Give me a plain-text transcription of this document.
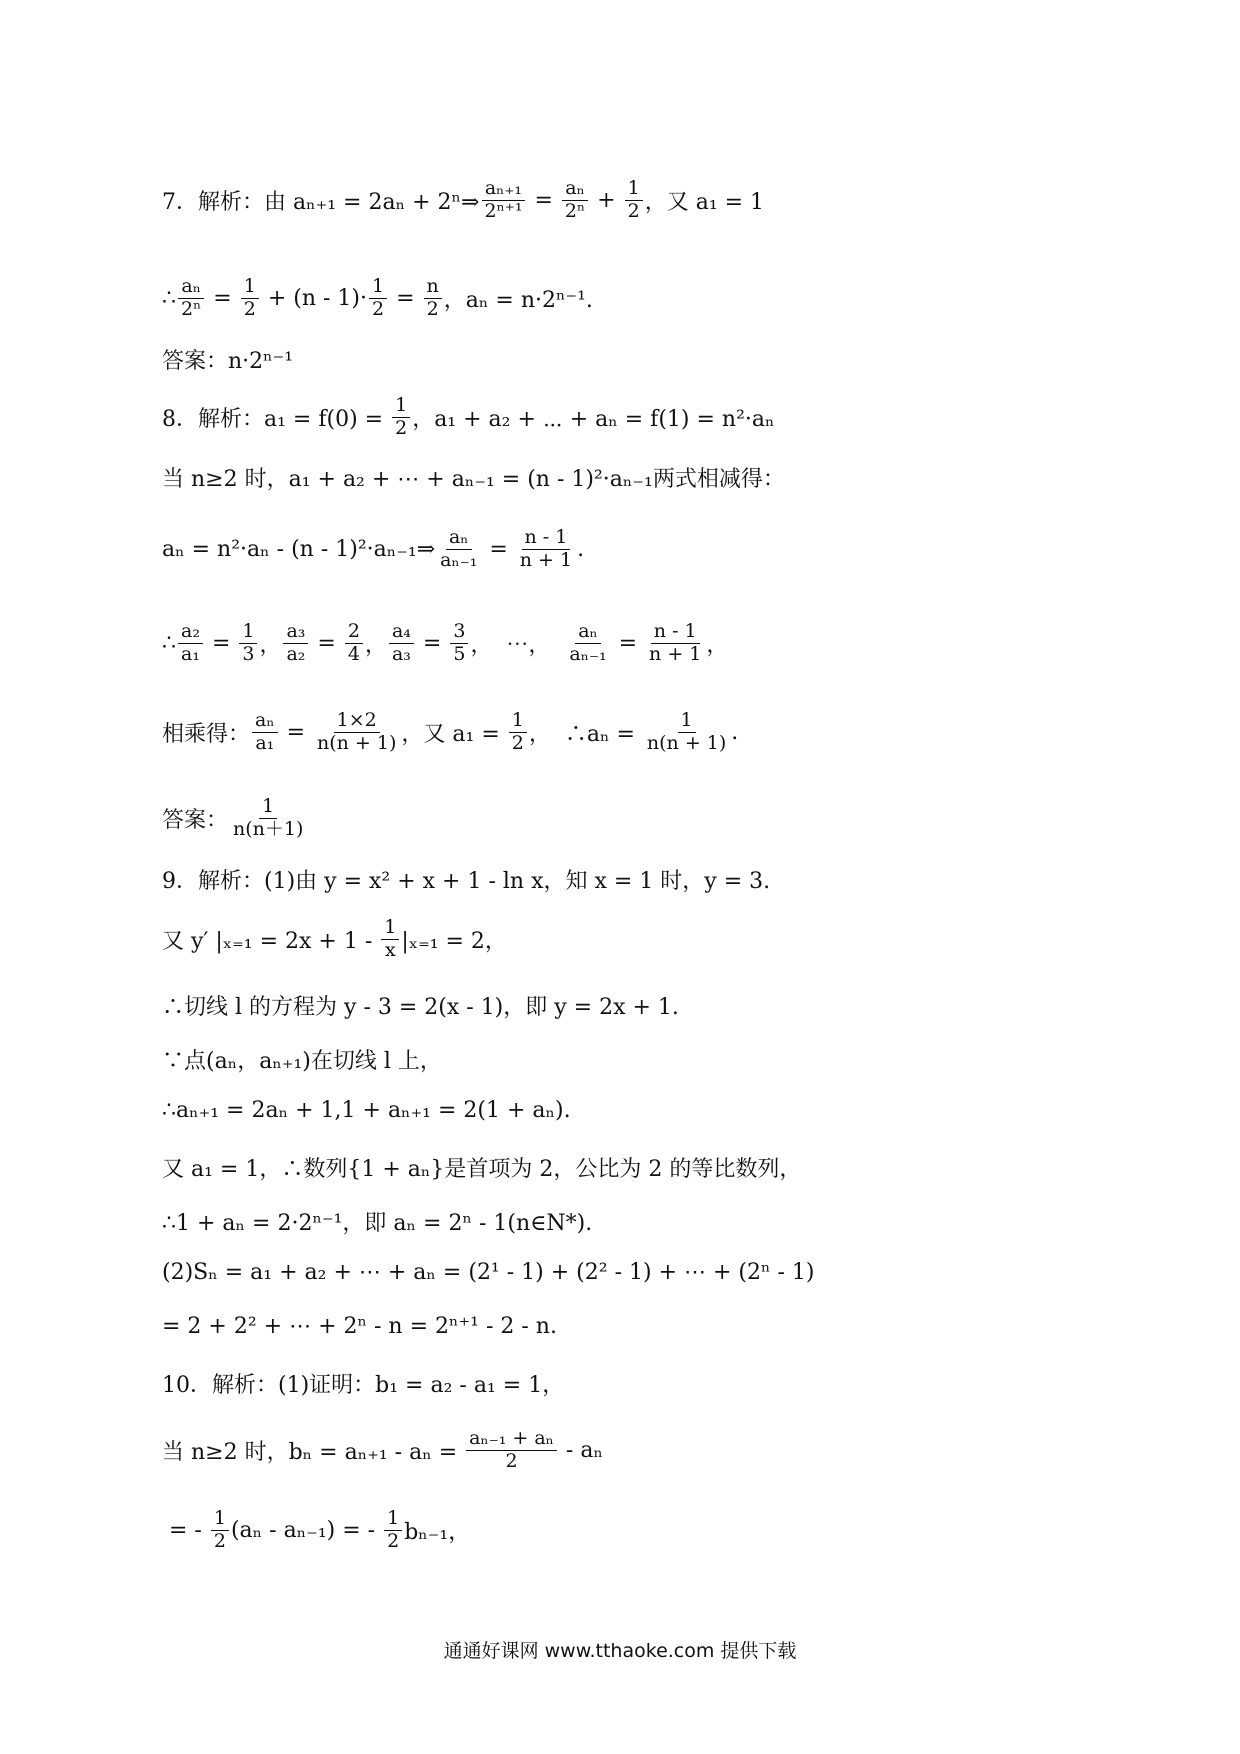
7．解析：由 aₙ₊₁ = 2aₙ + 2ⁿ⇒ $\frac{\text{aₙ₊₁}}{\text{2ⁿ⁺¹}} = \frac{\text{aₙ}}{\text{2ⁿ}} + \frac{1}{2}$ ，又 a₁ = 1
∴ $\frac{\text{aₙ}}{\text{2ⁿ}} = \frac{1}{2} + (n - 1)\cdot \frac{1}{2} = \frac{n}{2}$ ，aₙ = n·2ⁿ⁻¹.
答案：n·2ⁿ⁻¹
8．解析：$a_1 = f(0) = \frac{1}{2}$ ，a₁ + a₂ + ⋯ + aₙ = f(1) = n²·aₙ
当 n≥2 时，a₁ + a₂ + ⋯ + aₙ₋₁ = (n - 1)²·aₙ₋₁两式相减得：
aₙ = n²·aₙ - (n - 1)²·aₙ₋₁⇒ $\frac{\text{aₙ}}{\text{aₙ₋₁}} = \frac{n - 1}{n + 1}$ .
∴ $\frac{\text{a₂}}{\text{a₁}} = \frac{1}{3}$ ， $\frac{\text{a₃}}{\text{a₂}} = \frac{2}{4}$ ， $\frac{\text{a₄}}{\text{a₃}} = \frac{3}{5}$ ，  ⋯， $\frac{\text{aₙ}}{\text{aₙ₋₁}} = \frac{n - 1}{n + 1}$ ，
相乘得： $\frac{\text{aₙ}}{\text{a₁}} = \frac{1\times 2}{n(n + 1)}$ ，又 $a_1 = \frac{1}{2}$ ，  ∴aₙ = $\frac{1}{n(n + 1)}$ .
答案： $\frac{1}{n(n+1)}$
9．解析：(1)由 y = x² + x + 1 - ln x，知 x = 1 时，y = 3.
又 y′ $|_{x=1} = 2x + 1 - \frac{1}{x} |_{x=1} = 2$，
∴切线 l 的方程为 y - 3 = 2(x - 1)，即 y = 2x + 1.
∵点(aₙ，aₙ₊₁)在切线 l 上，
∴aₙ₊₁ = 2aₙ + 1,1 + aₙ₊₁ = 2(1 + aₙ).
又 a₁ = 1，∴数列{1 + aₙ}是首项为 2，公比为 2 的等比数列，
∴1 + aₙ = 2·2ⁿ⁻¹，即 aₙ = 2ⁿ - 1(n∈N*).
(2)Sₙ = a₁ + a₂ + ⋯ + aₙ = (2¹ - 1) + (2² - 1) + ⋯ + (2ⁿ - 1)
= 2 + 2² + ⋯ + 2ⁿ - n = 2ⁿ⁺¹ - 2 - n.
10．解析：(1)证明：b₁ = a₂ - a₁ = 1，
当 n≥2 时，$b_n = a_{n+1} - a_n = \frac{\text{aₙ₋₁ + aₙ}}{2} - a_n$
= - $\frac{1}{2} (a_n - a_{n-1})$ = - $\frac{1}{2} b_{n-1}$，
通通好课网 www.tthaoke.com 提供下载
